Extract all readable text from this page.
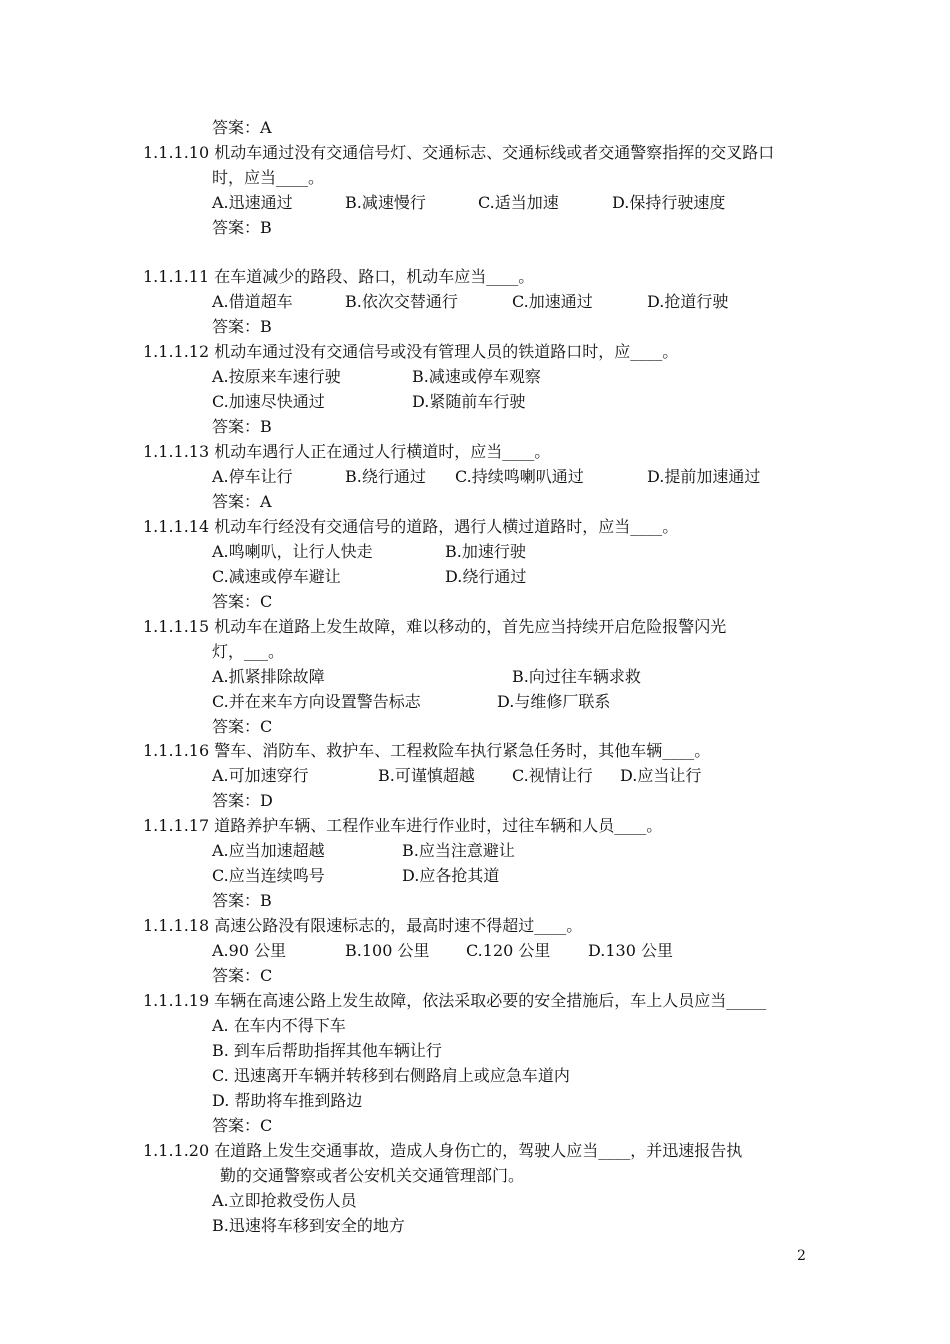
答案：A
1.1.1.10 机动车通过没有交通信号灯、交通标志、交通标线或者交通警察指挥的交叉路口
时，应当____。
A.迅速通过	B.减速慢行	C.适当加速	D.保持行驶速度
答案：B
1.1.1.11 在车道减少的路段、路口，机动车应当____。
A.借道超车	B.依次交替通行	C.加速通过	D.抢道行驶
答案：B
1.1.1.12 机动车通过没有交通信号或没有管理人员的铁道路口时，应____。
A.按原来车速行驶	B.减速或停车观察
C.加速尽快通过	D.紧随前车行驶
答案：B
1.1.1.13 机动车遇行人正在通过人行横道时，应当____。
A.停车让行	B.绕行通过 C.持续鸣喇叭通过	D.提前加速通过
答案：A
1.1.1.14 机动车行经没有交通信号的道路，遇行人横过道路时，应当____。
A.鸣喇叭，让行人快走	B.加速行驶
C.减速或停车避让	D.绕行通过
答案：C
1.1.1.15 机动车在道路上发生故障，难以移动的，首先应当持续开启危险报警闪光
灯，___。
A.抓紧排除故障	B.向过往车辆求救
C.并在来车方向设置警告标志	D.与维修厂联系
答案：C
1.1.1.16 警车、消防车、救护车、工程救险车执行紧急任务时，其他车辆____。
A.可加速穿行	B.可谨慎超越 C.视情让行 D.应当让行
答案：D
1.1.1.17 道路养护车辆、工程作业车进行作业时，过往车辆和人员____。
A.应当加速超越	B.应当注意避让
C.应当连续鸣号	D.应各抢其道
答案：B
1.1.1.18 高速公路没有限速标志的，最高时速不得超过____。
A.90 公里	B.100 公里 C.120 公里 D.130 公里
答案：C
1.1.1.19 车辆在高速公路上发生故障，依法采取必要的安全措施后，车上人员应当_____
A. 在车内不得下车
B. 到车后帮助指挥其他车辆让行
C. 迅速离开车辆并转移到右侧路肩上或应急车道内
D. 帮助将车推到路边
答案：C
1.1.1.20 在道路上发生交通事故，造成人身伤亡的，驾驶人应当____，并迅速报告执
勤的交通警察或者公安机关交通管理部门。
A.立即抢救受伤人员
B.迅速将车移到安全的地方
2
